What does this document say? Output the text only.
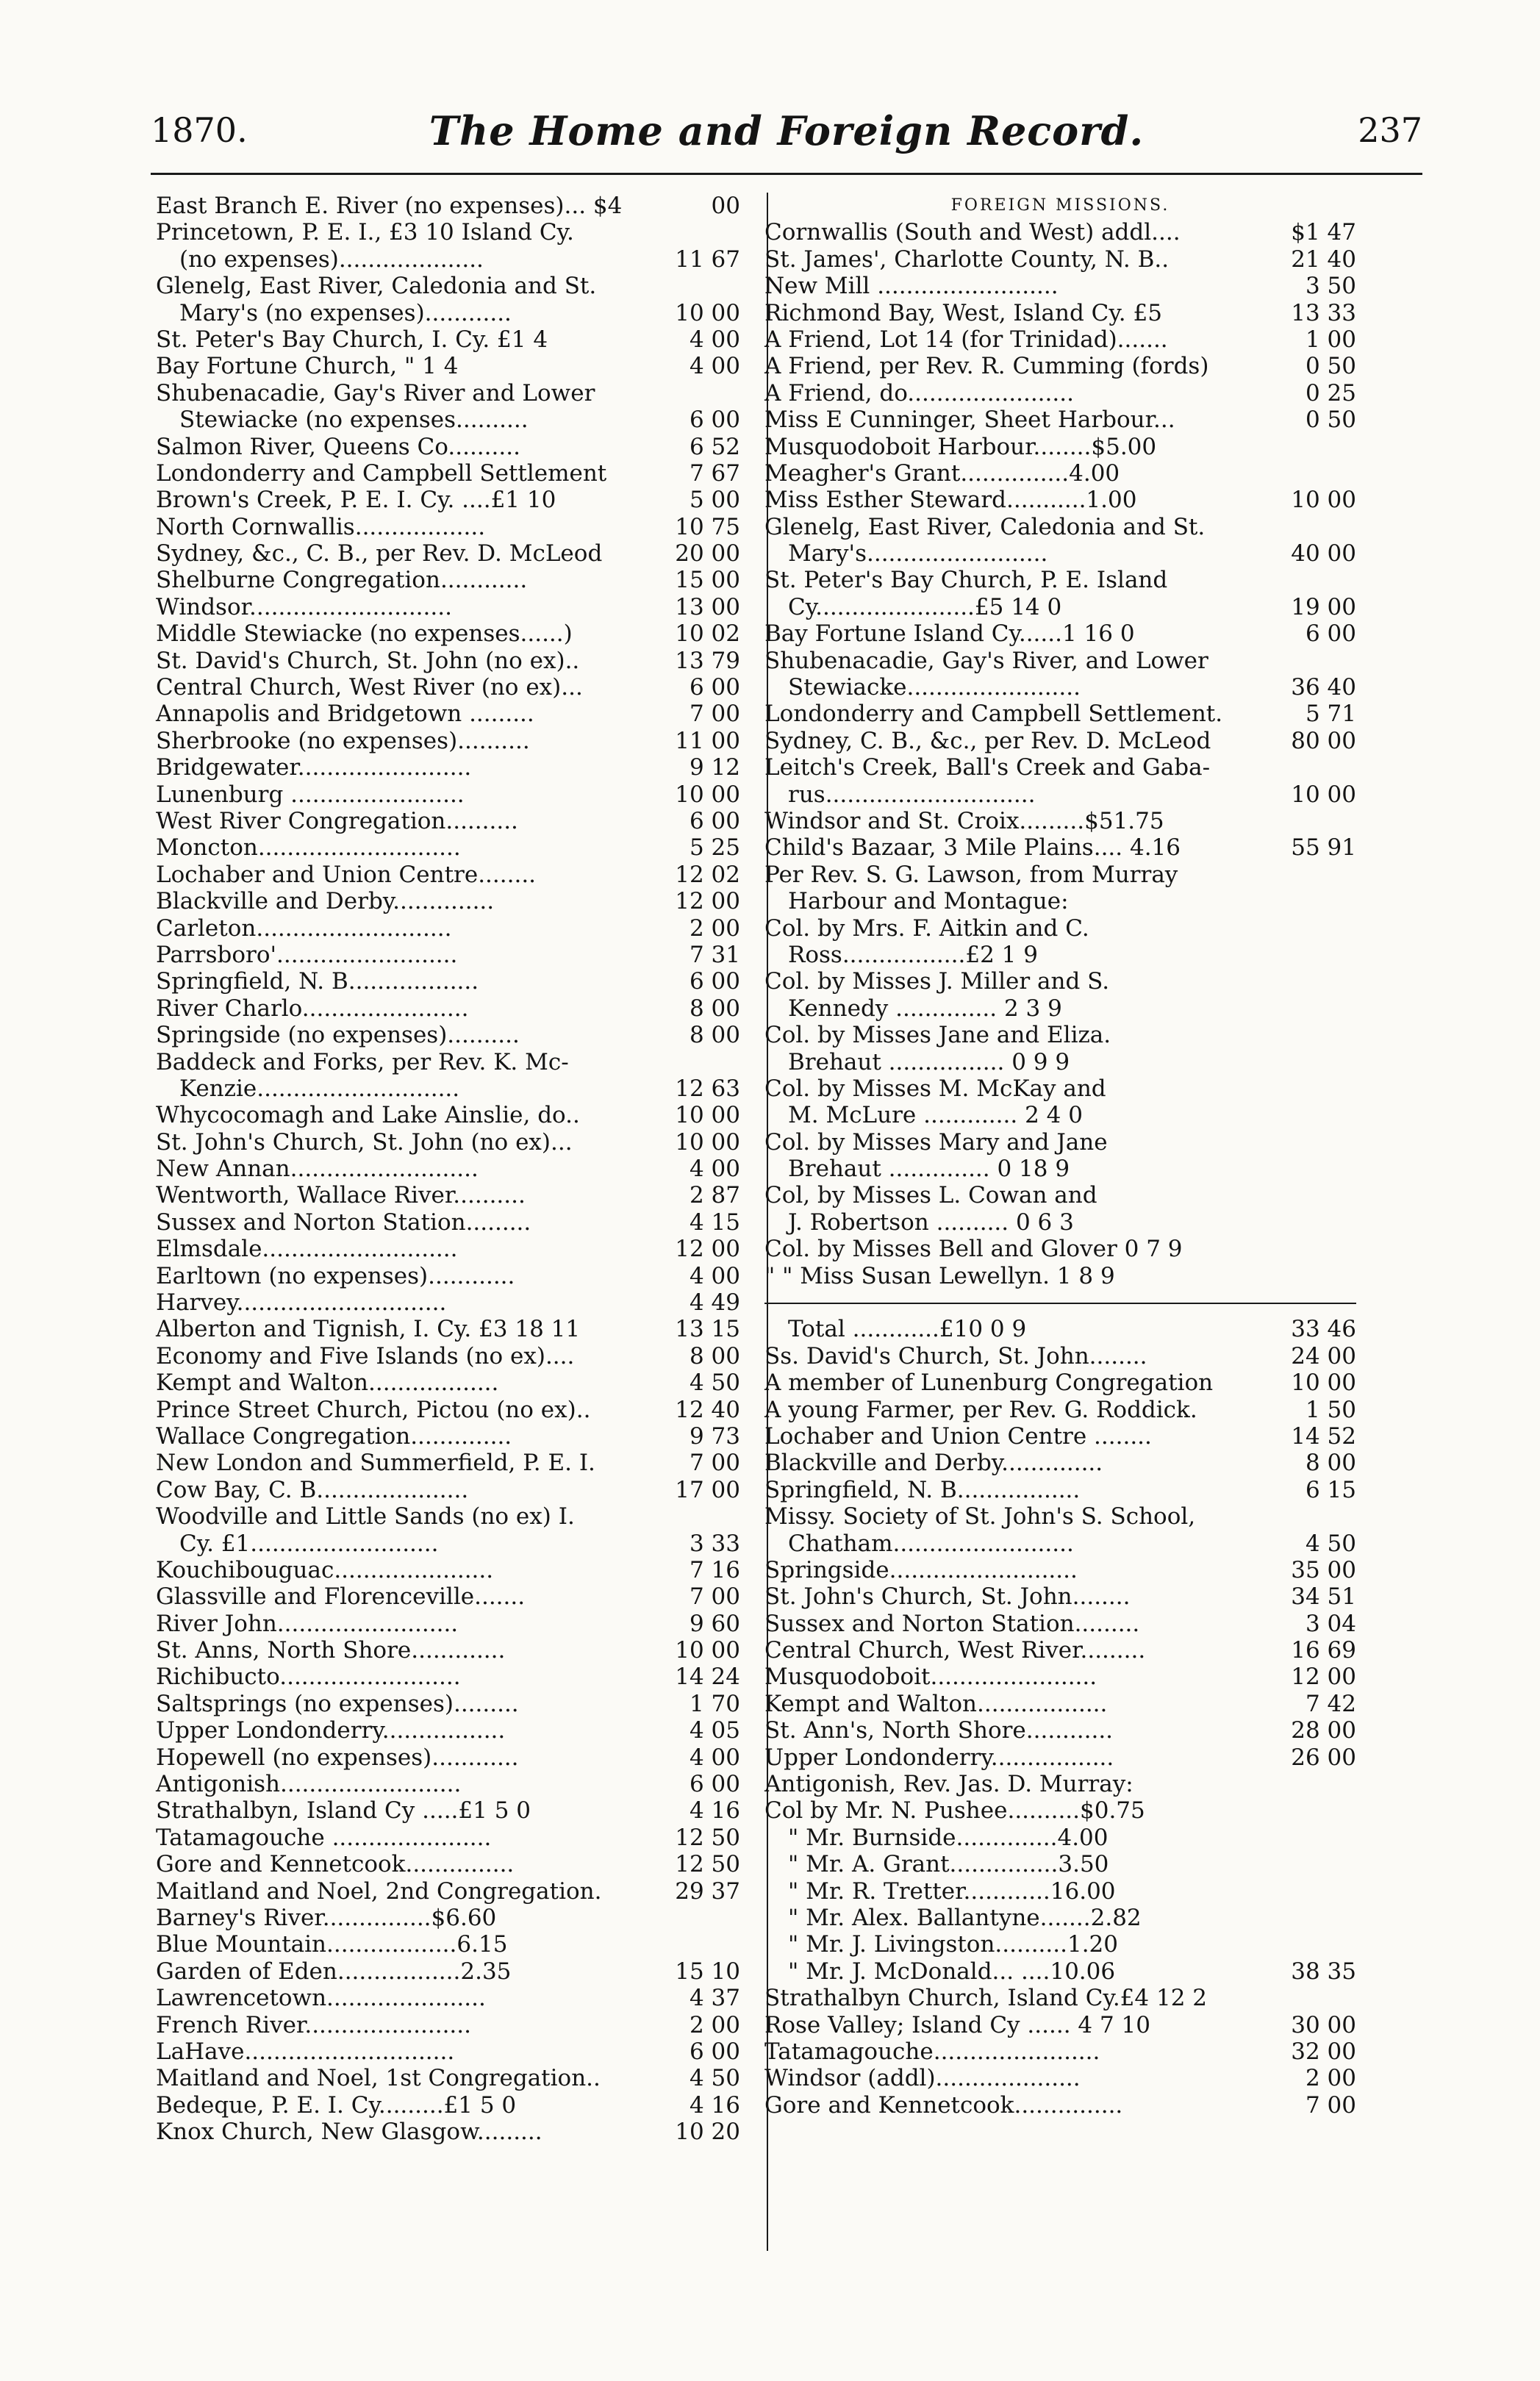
1870.	The Home and Foreign Record.	237
East Branch E. River (no expenses)... $4	00
Princetown, P. E. I., £3 10 Island Cy.
(no expenses)....................	11 67
Glenelg, East River, Caledonia and St.
Mary's (no expenses)............	10 00
St. Peter's Bay Church, I. Cy. £1 4	4 00
Bay Fortune Church, " 1 4	4 00
Shubenacadie, Gay's River and Lower
Stewiacke (no expenses..........	6 00
Salmon River, Queens Co..........	6 52
Londonderry and Campbell Settlement	7 67
Brown's Creek, P. E. I. Cy. ....£1 10	5 00
North Cornwallis..................	10 75
Sydney, &c., C. B., per Rev. D. McLeod	20 00
Shelburne Congregation............	15 00
Windsor............................	13 00
Middle Stewiacke (no expenses......)	10 02
St. David's Church, St. John (no ex)..	13 79
Central Church, West River (no ex)...	6 00
Annapolis and Bridgetown .........	7 00
Sherbrooke (no expenses)..........	11 00
Bridgewater........................	9 12
Lunenburg ........................	10 00
West River Congregation..........	6 00
Moncton............................	5 25
Lochaber and Union Centre........	12 02
Blackville and Derby..............	12 00
Carleton...........................	2 00
Parrsboro'.........................	7 31
Springfield, N. B..................	6 00
River Charlo.......................	8 00
Springside (no expenses)..........	8 00
Baddeck and Forks, per Rev. K. Mc-
Kenzie............................	12 63
Whycocomagh and Lake Ainslie, do..	10 00
St. John's Church, St. John (no ex)...	10 00
New Annan..........................	4 00
Wentworth, Wallace River..........	2 87
Sussex and Norton Station.........	4 15
Elmsdale...........................	12 00
Earltown (no expenses)............	4 00
Harvey.............................	4 49
Alberton and Tignish, I. Cy. £3 18 11	13 15
Economy and Five Islands (no ex)....	8 00
Kempt and Walton..................	4 50
Prince Street Church, Pictou (no ex)..	12 40
Wallace Congregation..............	9 73
New London and Summerfield, P. E. I.	7 00
Cow Bay, C. B.....................	17 00
Woodville and Little Sands (no ex) I.
Cy. £1..........................	3 33
Kouchibouguac......................	7 16
Glassville and Florenceville.......	7 00
River John.........................	9 60
St. Anns, North Shore.............	10 00
Richibucto.........................	14 24
Saltsprings (no expenses).........	1 70
Upper Londonderry.................	4 05
Hopewell (no expenses)............	4 00
Antigonish.........................	6 00
Strathalbyn, Island Cy .....£1 5 0	4 16
Tatamagouche ......................	12 50
Gore and Kennetcook...............	12 50
Maitland and Noel, 2nd Congregation.	29 37
Barney's River...............$6.60
Blue Mountain..................6.15
Garden of Eden.................2.35	15 10
Lawrencetown......................	4 37
French River.......................	2 00
LaHave.............................	6 00
Maitland and Noel, 1st Congregation..	4 50
Bedeque, P. E. I. Cy.........£1 5 0	4 16
Knox Church, New Glasgow.........	10 20
FOREIGN MISSIONS.
Cornwallis (South and West) addl....	$1 47
St. James', Charlotte County, N. B..	21 40
New Mill .........................	3 50
Richmond Bay, West, Island Cy. £5	13 33
A Friend, Lot 14 (for Trinidad).......	1 00
A Friend, per Rev. R. Cumming (fords)	0 50
A Friend, do.......................	0 25
Miss E Cunninger, Sheet Harbour...	0 50
Musquodoboit Harbour........$5.00
Meagher's Grant...............4.00
Miss Esther Steward...........1.00	10 00
Glenelg, East River, Caledonia and St.
Mary's.........................	40 00
St. Peter's Bay Church, P. E. Island
Cy......................£5 14 0	19 00
Bay Fortune Island Cy......1 16 0	6 00
Shubenacadie, Gay's River, and Lower
Stewiacke........................	36 40
Londonderry and Campbell Settlement.	5 71
Sydney, C. B., &c., per Rev. D. McLeod	80 00
Leitch's Creek, Ball's Creek and Gaba-
rus.............................	10 00
Windsor and St. Croix.........$51.75
Child's Bazaar, 3 Mile Plains.... 4.16	55 91
Per Rev. S. G. Lawson, from Murray
Harbour and Montague:
Col. by Mrs. F. Aitkin and C.
Ross.................£2 1 9
Col. by Misses J. Miller and S.
Kennedy .............. 2 3 9
Col. by Misses Jane and Eliza.
Brehaut ................ 0 9 9
Col. by Misses M. McKay and
M. McLure ............. 2 4 0
Col. by Misses Mary and Jane
Brehaut .............. 0 18 9
Col, by Misses L. Cowan and
J. Robertson .......... 0 6 3
Col. by Misses Bell and Glover 0 7 9
" " Miss Susan Lewellyn. 1 8 9
Total ............£10 0 9	33 46
Ss. David's Church, St. John........	24 00
A member of Lunenburg Congregation	10 00
A young Farmer, per Rev. G. Roddick.	1 50
Lochaber and Union Centre ........	14 52
Blackville and Derby..............	8 00
Springfield, N. B.................	6 15
Missy. Society of St. John's S. School,
Chatham.........................	4 50
Springside..........................	35 00
St. John's Church, St. John........	34 51
Sussex and Norton Station.........	3 04
Central Church, West River.........	16 69
Musquodoboit.......................	12 00
Kempt and Walton..................	7 42
St. Ann's, North Shore............	28 00
Upper Londonderry.................	26 00
Antigonish, Rev. Jas. D. Murray:
Col by Mr. N. Pushee..........$0.75
" Mr. Burnside..............4.00
" Mr. A. Grant...............3.50
" Mr. R. Tretter............16.00
" Mr. Alex. Ballantyne.......2.82
" Mr. J. Livingston..........1.20
" Mr. J. McDonald... ....10.06	38 35
Strathalbyn Church, Island Cy.£4 12 2
Rose Valley; Island Cy ...... 4 7 10	30 00
Tatamagouche.......................	32 00
Windsor (addl)....................	2 00
Gore and Kennetcook...............	7 00
